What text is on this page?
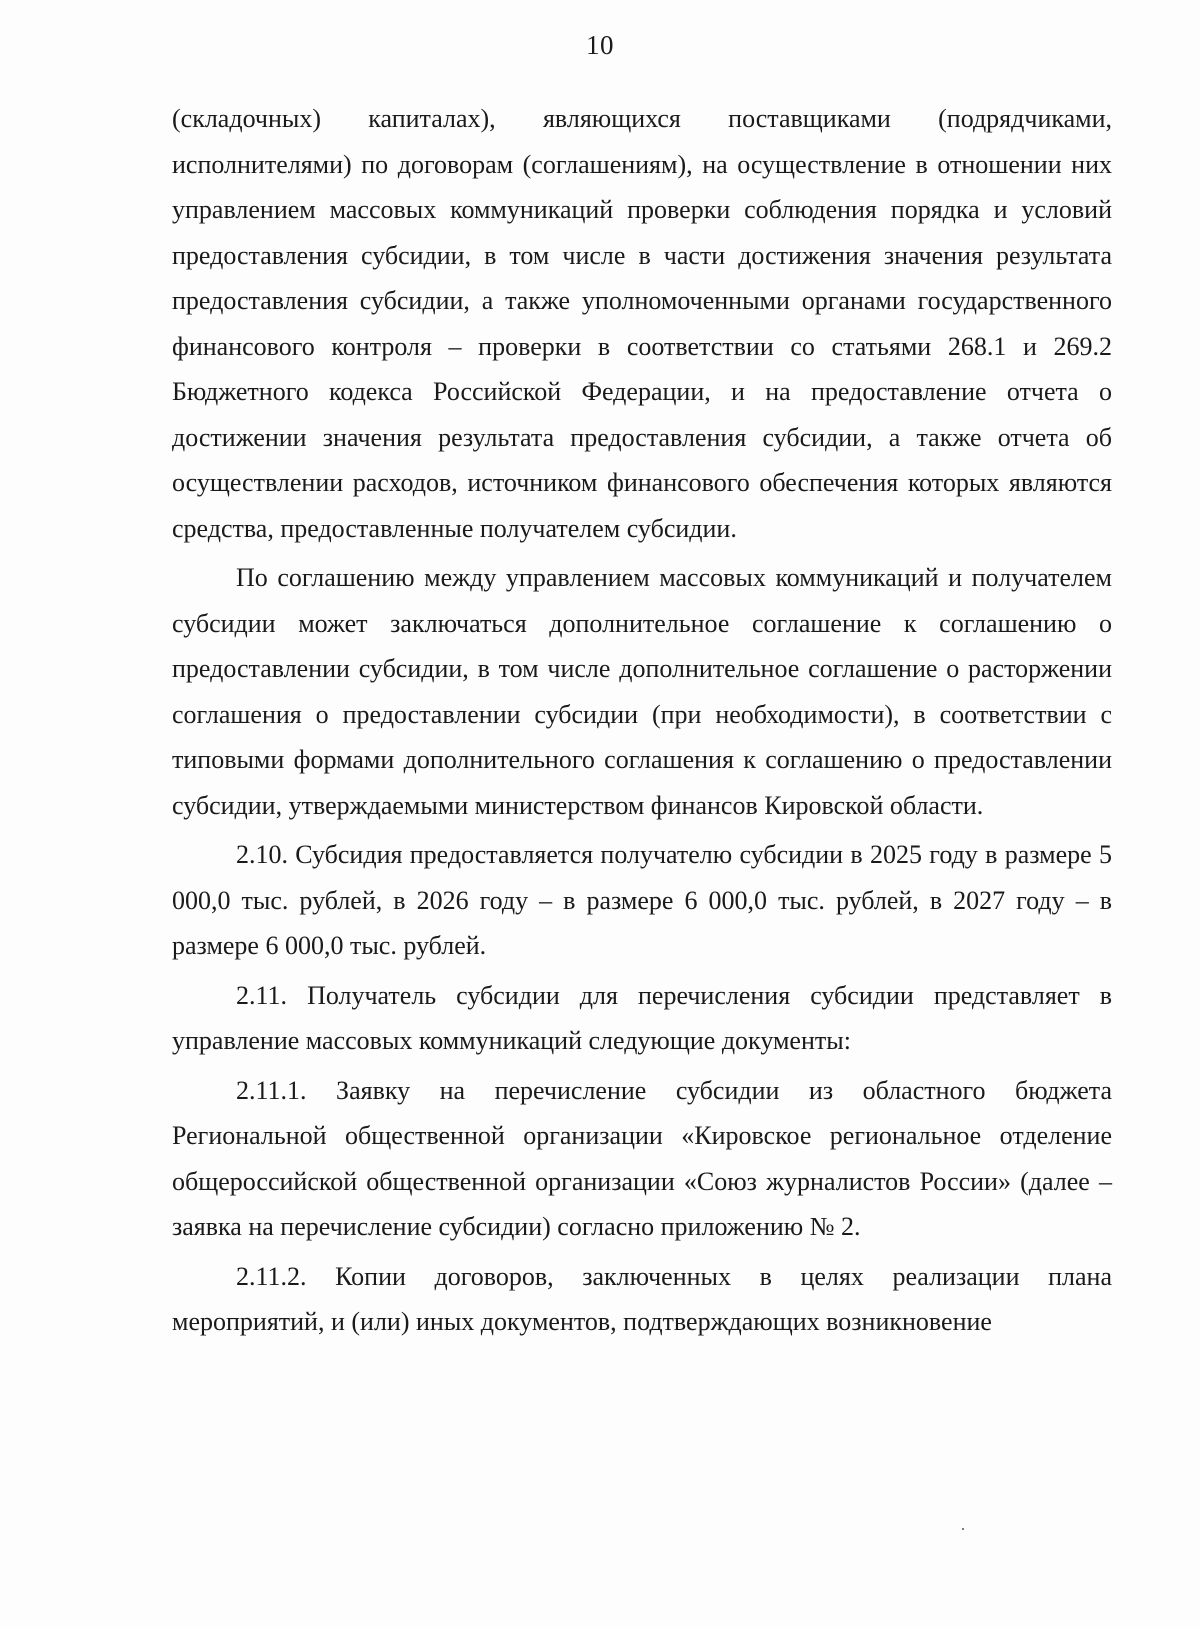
10

(складочных) капиталах), являющихся поставщиками (подрядчиками, исполнителями) по договорам (соглашениям), на осуществление в отношении них управлением массовых коммуникаций проверки соблюдения порядка и условий предоставления субсидии, в том числе в части достижения значения результата предоставления субсидии, а также уполномоченными органами государственного финансового контроля – проверки в соответствии со статьями 268.1 и 269.2 Бюджетного кодекса Российской Федерации, и на предоставление отчета о достижении значения результата предоставления субсидии, а также отчета об осуществлении расходов, источником финансового обеспечения которых являются средства, предоставленные получателем субсидии.

По соглашению между управлением массовых коммуникаций и получателем субсидии может заключаться дополнительное соглашение к соглашению о предоставлении субсидии, в том числе дополнительное соглашение о расторжении соглашения о предоставлении субсидии (при необходимости), в соответствии с типовыми формами дополнительного соглашения к соглашению о предоставлении субсидии, утверждаемыми министерством финансов Кировской области.

2.10. Субсидия предоставляется получателю субсидии в 2025 году в размере 5 000,0 тыс. рублей, в 2026 году – в размере 6 000,0 тыс. рублей, в 2027 году – в размере 6 000,0 тыс. рублей.

2.11. Получатель субсидии для перечисления субсидии представляет в управление массовых коммуникаций следующие документы:

2.11.1. Заявку на перечисление субсидии из областного бюджета Региональной общественной организации «Кировское региональное отделение общероссийской общественной организации «Союз журналистов России» (далее – заявка на перечисление субсидии) согласно приложению № 2.

2.11.2. Копии договоров, заключенных в целях реализации плана мероприятий, и (или) иных документов, подтверждающих возникновение
